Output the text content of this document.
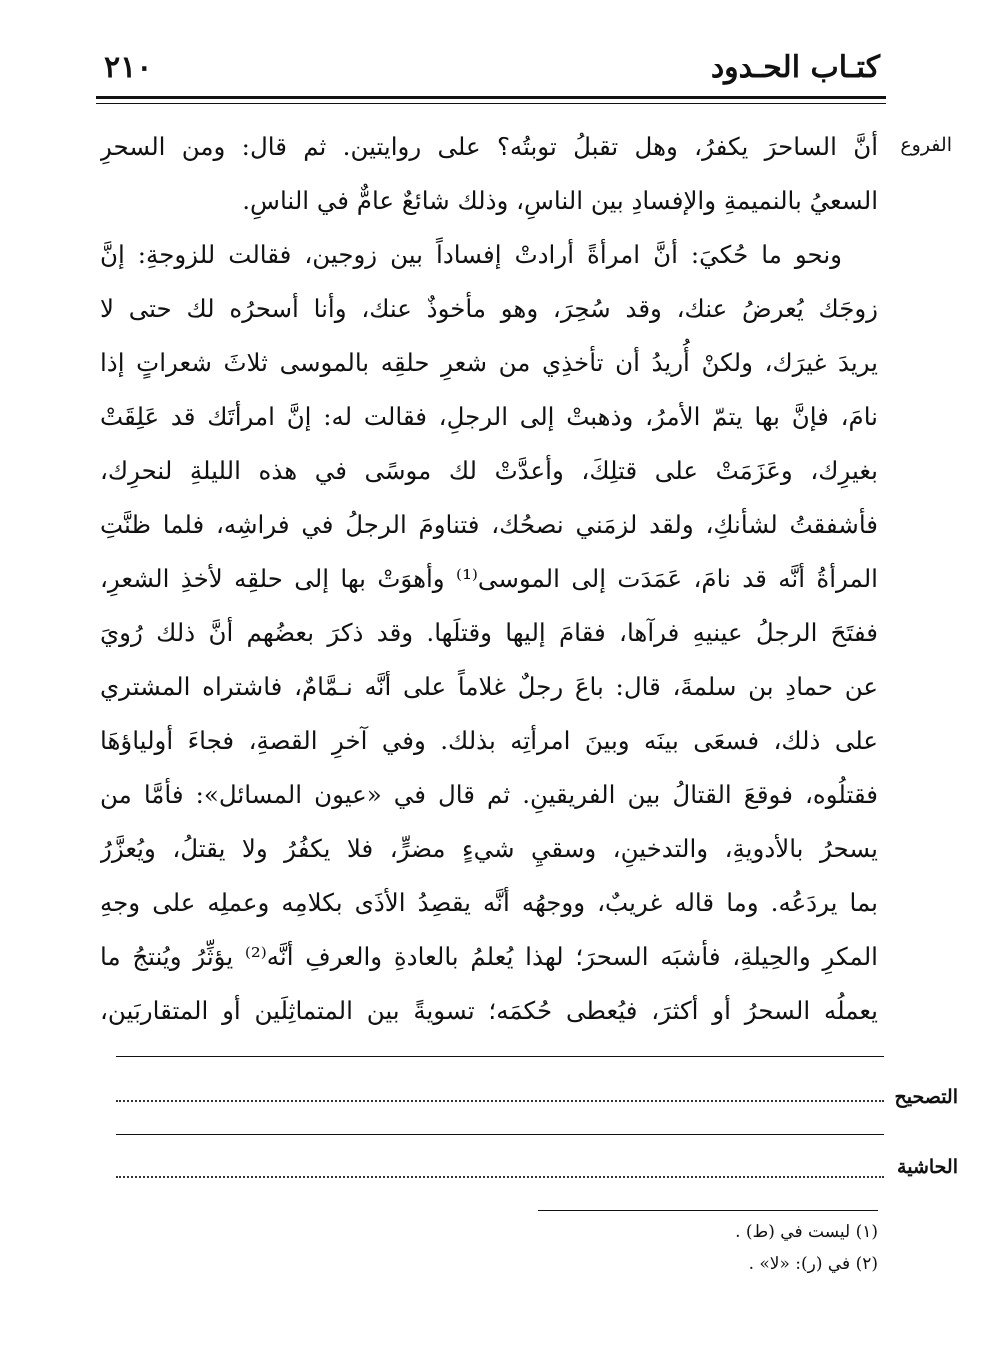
كتـاب الحـدود
٢١٠
الفروع
أنَّ الساحرَ يكفرُ، وهل تقبلُ توبتُه؟ على روايتين. ثم قال: ومن السحرِ
السعيُ بالنميمةِ والإفسادِ بين الناسِ، وذلك شائعٌ عامٌّ في الناسِ.
ونحو ما حُكيَ: أنَّ امرأةً أرادتْ إفساداً بين زوجين، فقالت للزوجةِ: إنَّ
زوجَك يُعرضُ عنك، وقد سُحِرَ، وهو مأخوذٌ عنك، وأنا أسحرُه لك حتى لا
يريدَ غيرَك، ولكنْ أُريدُ أن تأخذِي من شعرِ حلقِه بالموسى ثلاثَ شعراتٍ إذا
نامَ، فإنَّ بها يتمّ الأمرُ، وذهبتْ إلى الرجلِ، فقالت له: إنَّ امرأتَك قد عَلِقَتْ
بغيرِك، وعَزَمَتْ على قتلِكَ، وأعدَّتْ لك موسًى في هذه الليلةِ لنحرِك،
فأشفقتُ لشأنكِ، ولقد لزمَني نصحُك، فتناومَ الرجلُ في فراشِه، فلما ظنَّتِ
المرأةُ أنَّه قد نامَ، عَمَدَت إلى الموسى⁽¹⁾ وأهوَتْ بها إلى حلقِه لأخذِ الشعرِ،
ففتَحَ الرجلُ عينيهِ فرآها، فقامَ إليها وقتلَها. وقد ذكرَ بعضُهم أنَّ ذلك رُويَ
عن حمادِ بن سلمةَ، قال: باعَ رجلٌ غلاماً على أنَّه نـمَّامٌ، فاشتراه المشتري
على ذلك، فسعَى بينَه وبينَ امرأتِه بذلك. وفي آخرِ القصةِ، فجاءَ أولياؤهَا
فقتلُوه، فوقعَ القتالُ بين الفريقينِ. ثم قال في «عيون المسائل»: فأمَّا من
يسحرُ بالأدويةِ، والتدخينِ، وسقيِ شيءٍ مضرٍّ، فلا يكفُرُ ولا يقتلُ، ويُعزَّرُ
بما يردَعُه. وما قاله غريبٌ، ووجهُه أنَّه يقصِدُ الأذَى بكلامِه وعملِه على وجهِ
المكرِ والحِيلةِ، فأشبَه السحرَ؛ لهذا يُعلمُ بالعادةِ والعرفِ أنَّه⁽²⁾ يؤثِّرُ ويُنتجُ ما
يعملُه السحرُ أو أكثرَ، فيُعطى حُكمَه؛ تسويةً بين المتماثِلَين أو المتقاربَين،
التصحيح
الحاشية
(١) ليست في (ط) .
(٢) في (ر): «لا» .
